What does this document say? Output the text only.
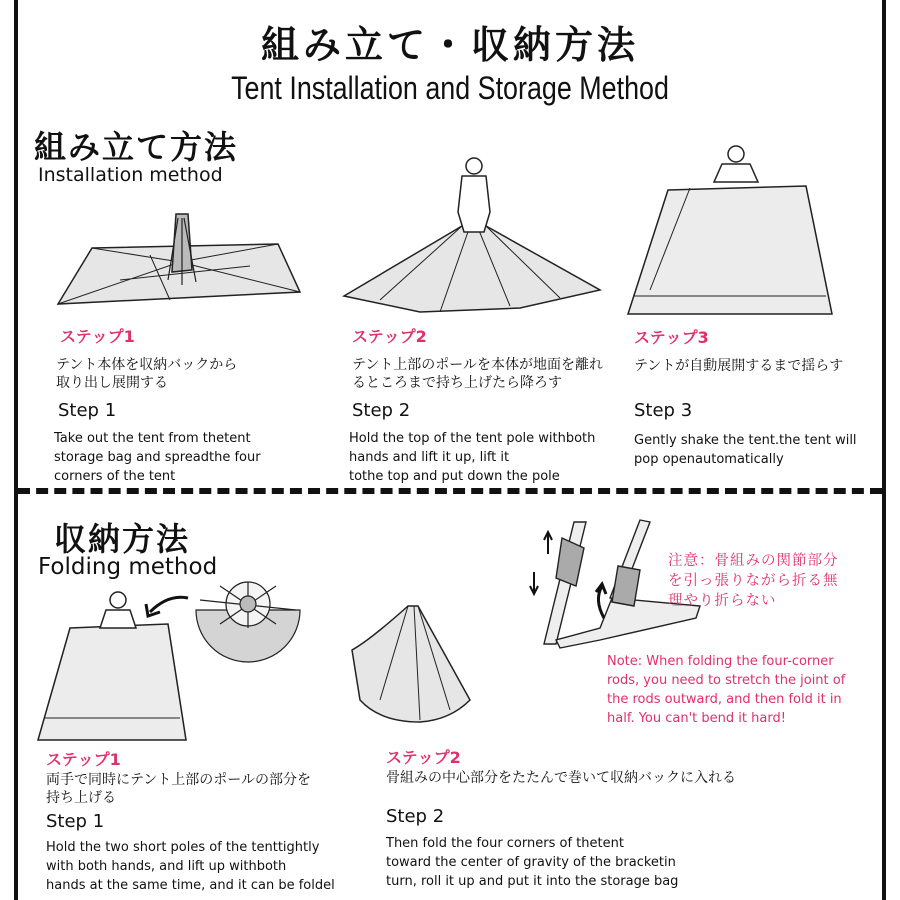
組み立て・収納方法
Tent Installation and Storage Method
組み立て方法
Installation method
ステップ1
テント本体を収納バックから
取り出し展開する
Step 1
Take out the tent from thetent
storage bag and spreadthe four
corners of the tent
ステップ2
テント上部のポールを本体が地面を離れ
るところまで持ち上げたら降ろす
Step 2
Hold the top of the tent pole withboth
hands and lift it up, lift it
tothe top and put down the pole
ステップ3
テントが自動展開するまで揺らす
Step 3
Gently shake the tent.the tent will
pop openautomatically
収納方法
Folding method	注意：骨組みの関節部分
を引っ張りながら折る無
理やり折らない
Note: When folding the four-corner
rods, you need to stretch the joint of
the rods outward, and then fold it in
half. You can't bend it hard!
ステップ1
両手で同時にテント上部のポールの部分を
持ち上げる
Step 1
Hold the two short poles of the tenttightly
with both hands, and lift up withboth
hands at the same time, and it can be foldel
ステップ2
骨組みの中心部分をたたんで巻いて収納バックに入れる
Step 2
Then fold the four corners of thetent
toward the center of gravity of the bracketin
turn, roll it up and put it into the storage bag
